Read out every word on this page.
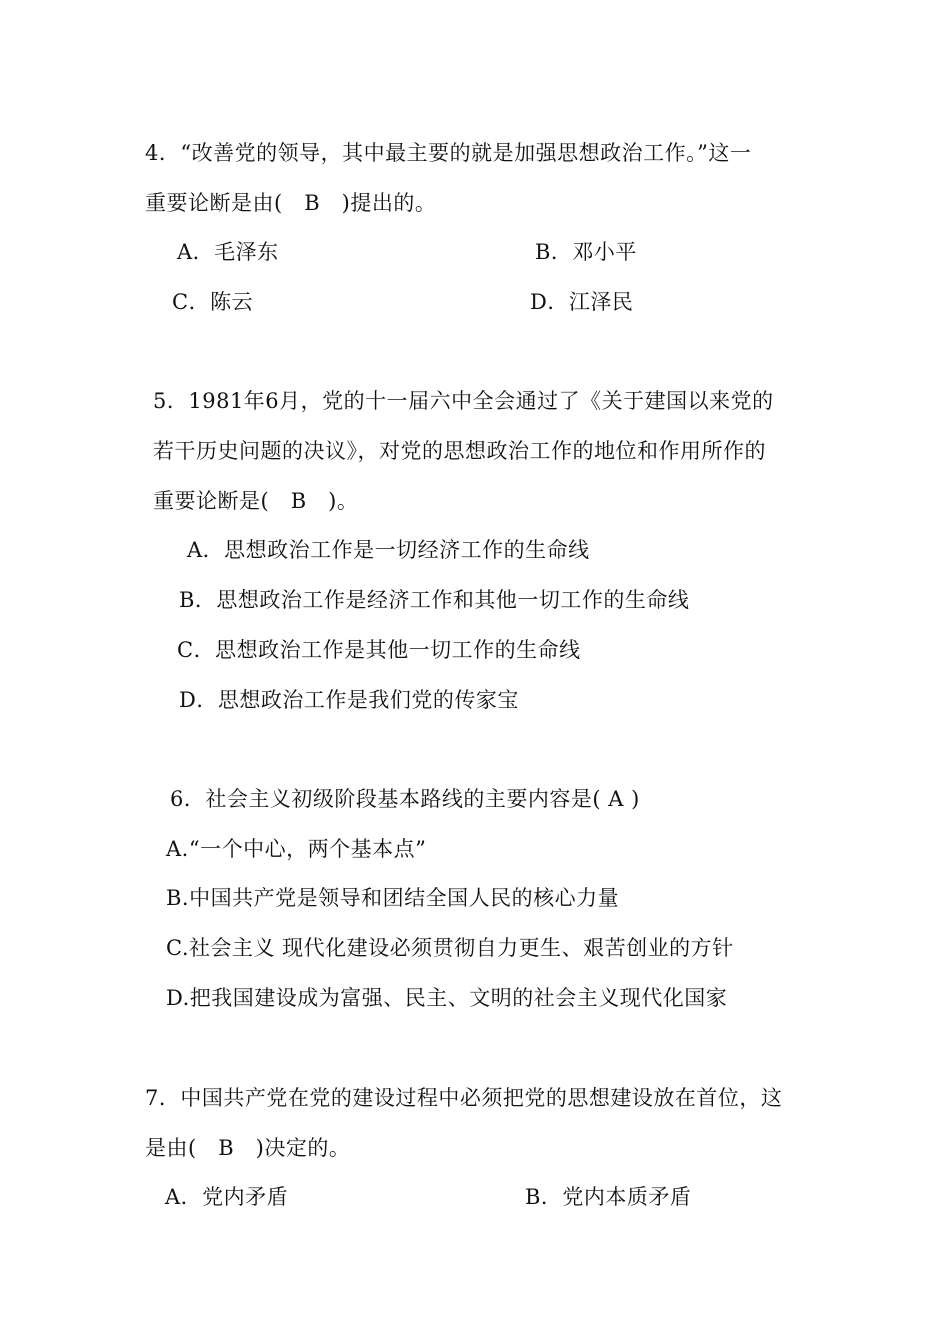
4．“改善党的领导，其中最主要的就是加强思想政治工作。”这一
重要论断是由(　B　)提出的。
A．毛泽东	B．邓小平
C．陈云	D．江泽民
5．1981年6月，党的十一届六中全会通过了《关于建国以来党的
若干历史问题的决议》，对党的思想政治工作的地位和作用所作的
重要论断是(　B　)。
A．思想政治工作是一切经济工作的生命线
B．思想政治工作是经济工作和其他一切工作的生命线
C．思想政治工作是其他一切工作的生命线
D．思想政治工作是我们党的传家宝
6．社会主义初级阶段基本路线的主要内容是( A )
A.“一个中心，两个基本点”
B.中国共产党是领导和团结全国人民的核心力量
C.社会主义 现代化建设必须贯彻自力更生、艰苦创业的方针
D.把我国建设成为富强、民主、文明的社会主义现代化国家
7．中国共产党在党的建设过程中必须把党的思想建设放在首位，这
是由(　B　)决定的。
A．党内矛盾	B．党内本质矛盾
